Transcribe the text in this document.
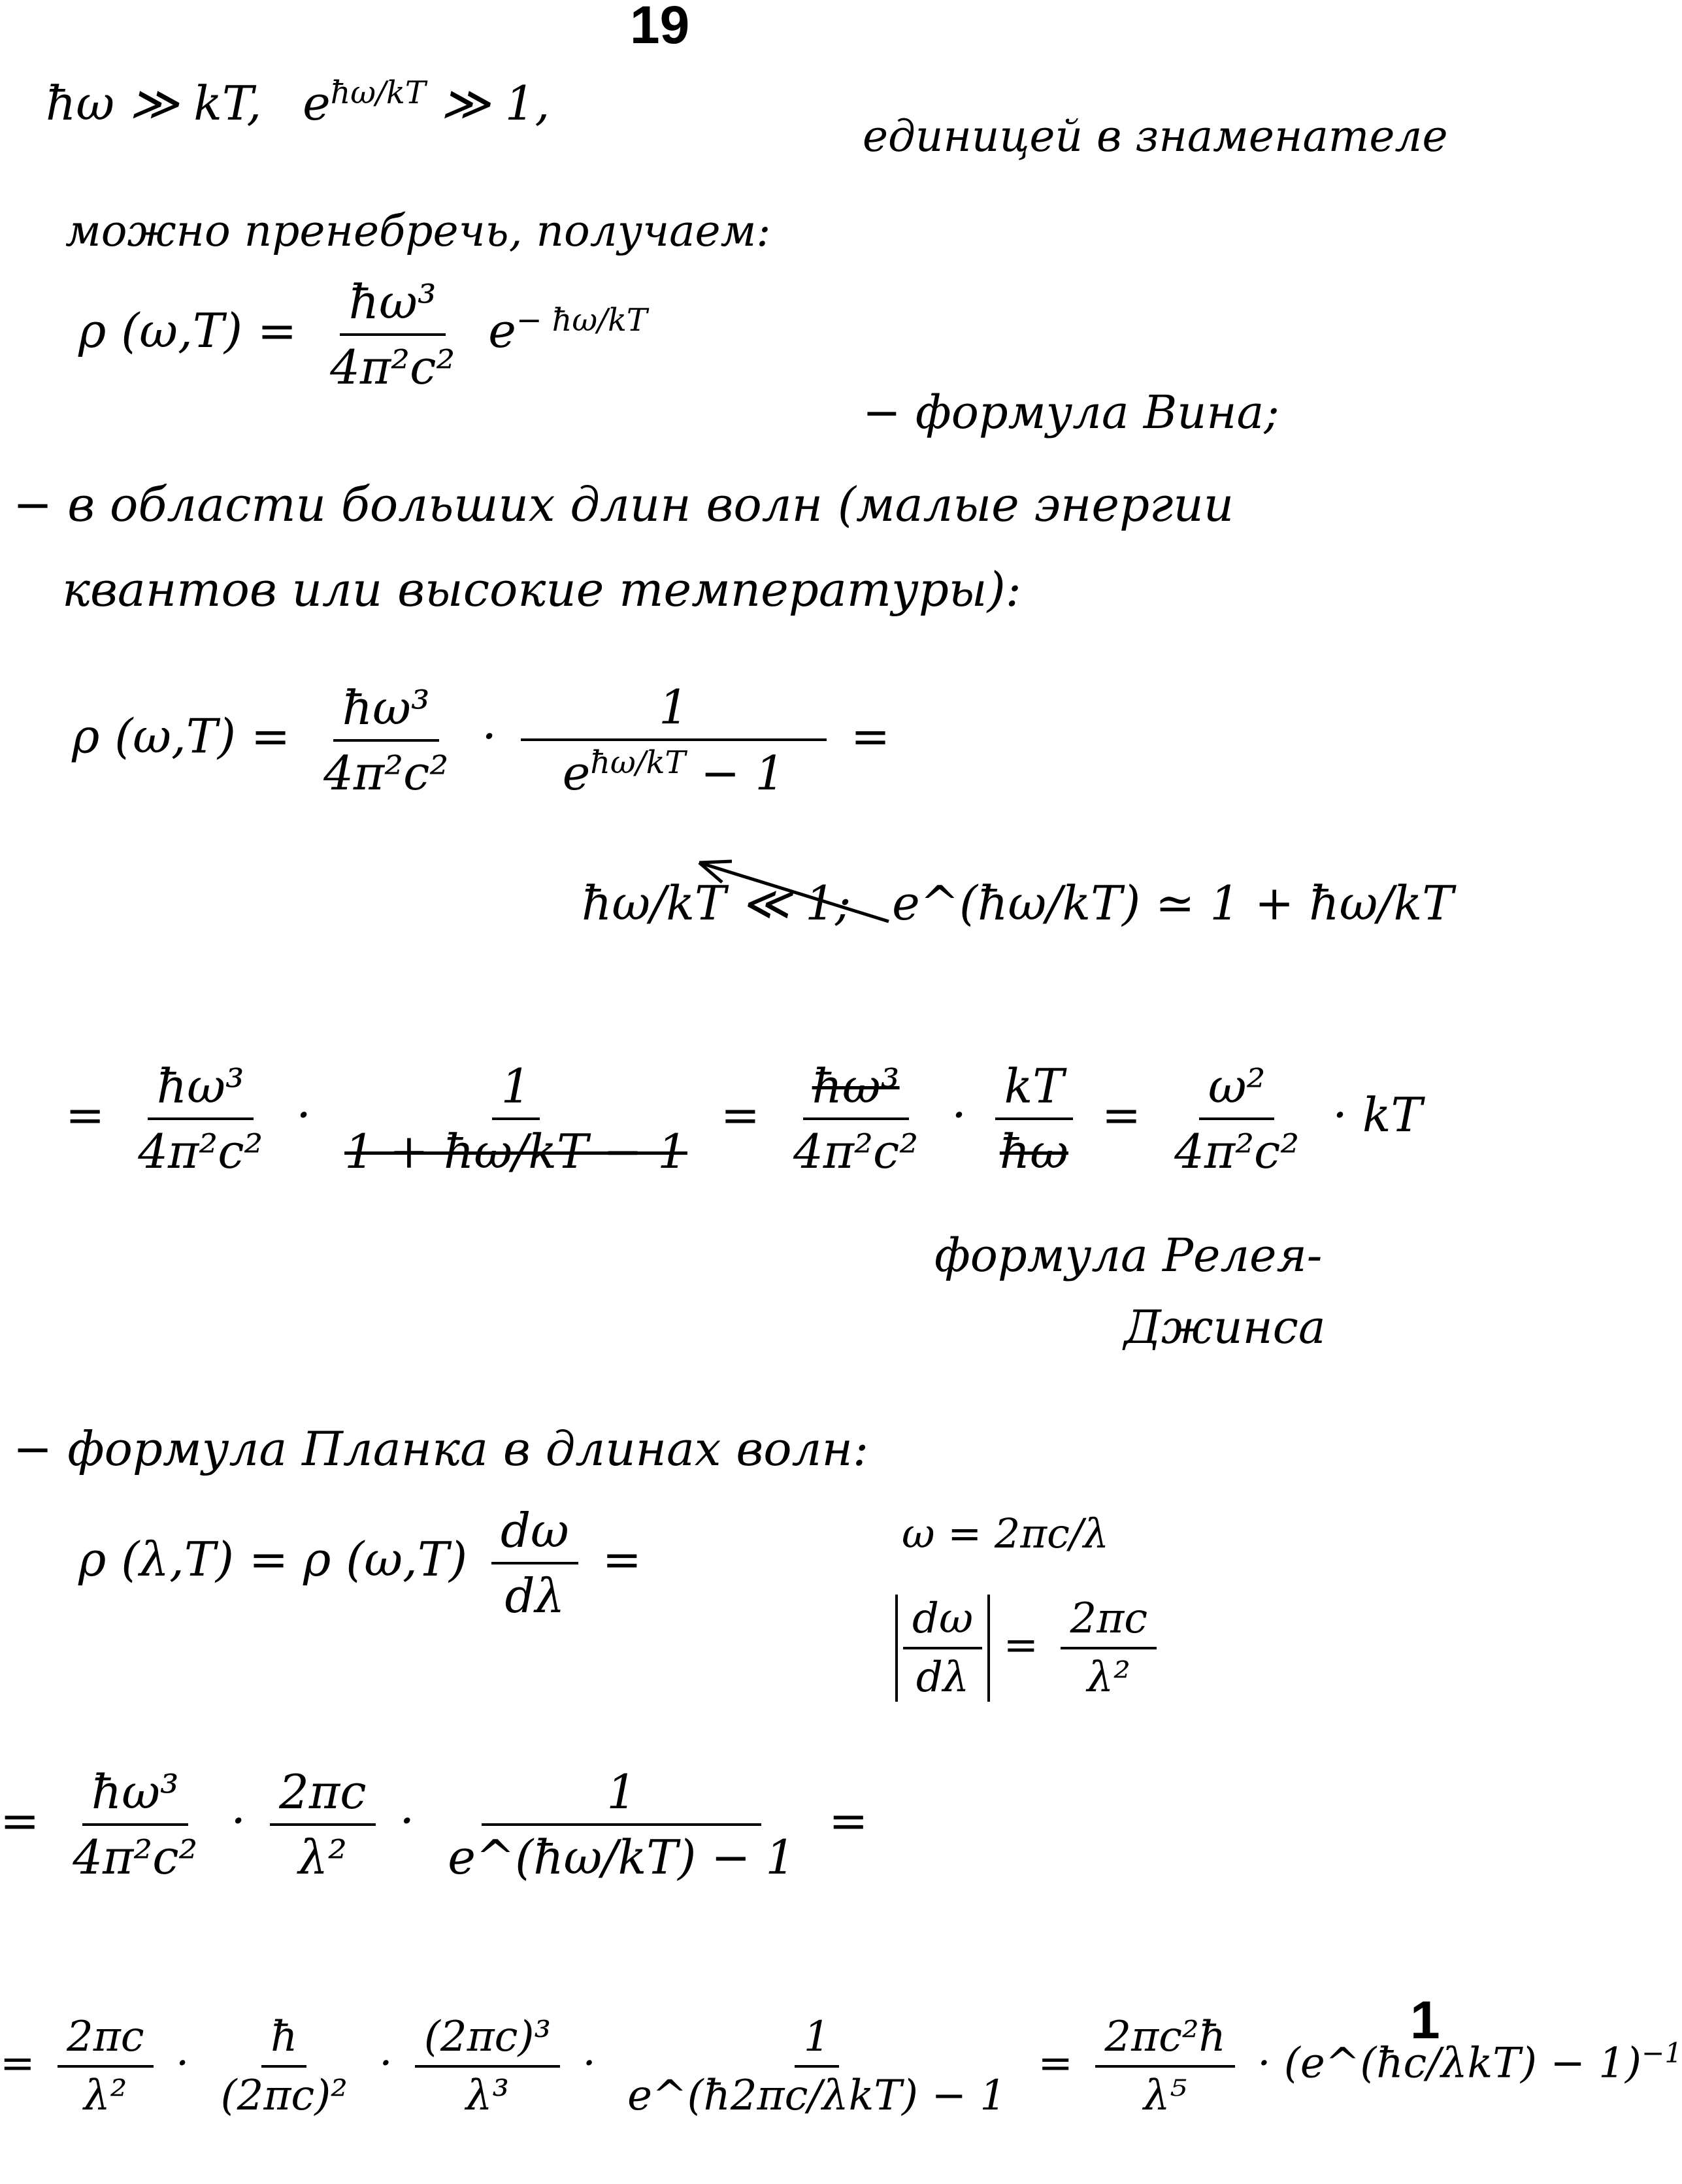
19
ħω ≫ kT, eħω/kT ≫ 1,
единицей в знаменателе
можно пренебречь, получаем:
ρ $(\omega,T) = \frac{\text{ħω³}}{\text{4π²c²}} e-$ ħω/kT
− формула Вина;
− в области больших длин волн (малые энергии
квантов или высокие температуры):
ρ $(\omega,T) = \frac{\text{ħω³}}{\text{4π²c²}} \cdot \frac{1}{\text{eħω/kT − 1}}$ =
ħω/kT ≪ 1; e^(ħω/kT) ≃ 1 + ħω/kT
= $\frac{\text{ħω³}}{\text{4π²c²}} \cdot \frac{1}{1 + ħ\omega/kT - 1} = \frac{\text{ħω³}}{\text{4π²c²}} \cdot \frac{kT}{ħ\omega} = \frac{\text{ω²}}{\text{4π²c²}}$ · kT
формула Релея-
Джинса
− формула Планка в длинах волн:
ρ (λ,T) = ρ $(\omega,T) \frac{d\omega}{d\lambda}$ =	ω = 2πc/λ
$\frac{d\omega}{d\lambda} = \frac{2\pi c}{\text{λ²}}$
= $\frac{\text{ħω³}}{\text{4π²c²}} \cdot \frac{2\pi c}{\text{λ²}} \cdot \frac{1}{e\^{}(ħ\omega/kT) - 1}$ =
= $\frac{2\pi c}{\text{λ²}} \cdot \frac{ħ}{\text{(2πc)²}} \cdot \frac{\text{(2πc)³}}{\text{λ³}} \cdot \frac{1}{\text{e\textasciicircum{}(ħ2πc/λkT) − 1}} = \frac{\text{2πc²ħ}}{\text{λ⁵}}$ · (e^(ħc/λkT) − 1)−1
1
